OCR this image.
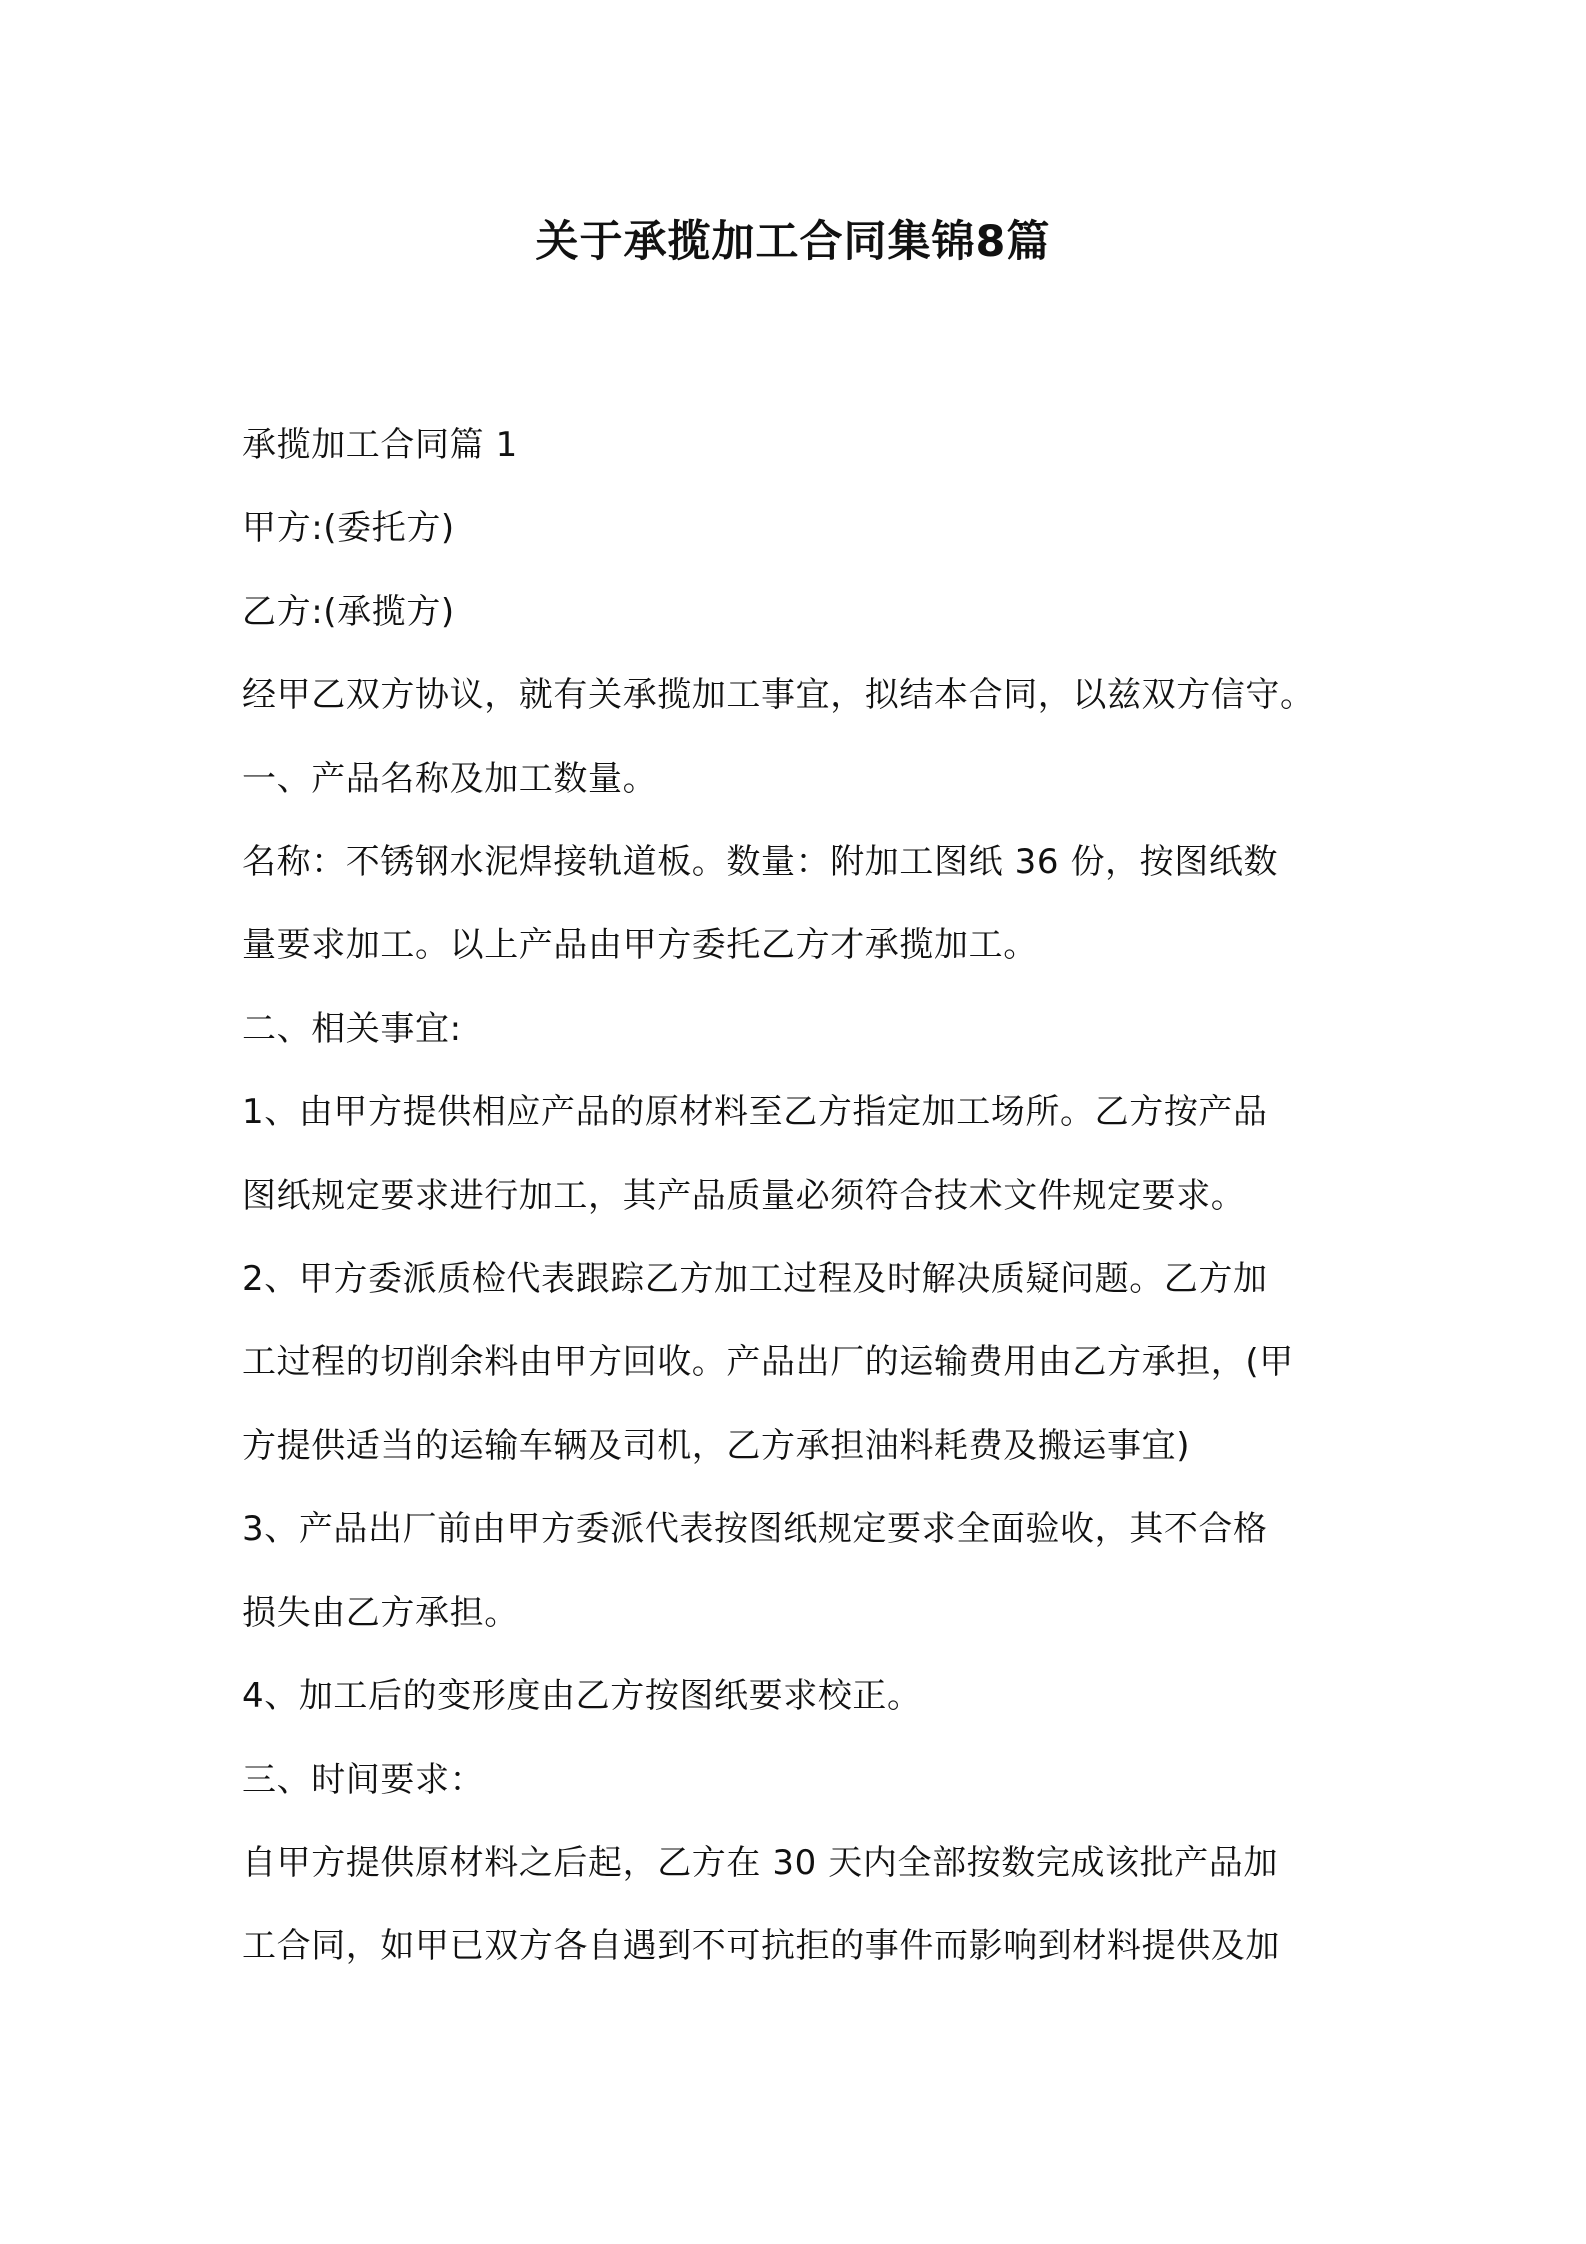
关于承揽加工合同集锦8篇

承揽加工合同篇 1

甲方:(委托方)

乙方:(承揽方)

经甲乙双方协议，就有关承揽加工事宜，拟结本合同，以兹双方信守。

一、产品名称及加工数量。

名称：不锈钢水泥焊接轨道板。数量：附加工图纸 36 份，按图纸数

量要求加工。以上产品由甲方委托乙方才承揽加工。

二、相关事宜:

1、由甲方提供相应产品的原材料至乙方指定加工场所。乙方按产品

图纸规定要求进行加工，其产品质量必须符合技术文件规定要求。

2、甲方委派质检代表跟踪乙方加工过程及时解决质疑问题。乙方加

工过程的切削余料由甲方回收。产品出厂的运输费用由乙方承担，(甲

方提供适当的运输车辆及司机，乙方承担油料耗费及搬运事宜)

3、产品出厂前由甲方委派代表按图纸规定要求全面验收，其不合格

损失由乙方承担。

4、加工后的变形度由乙方按图纸要求校正。

三、时间要求：

自甲方提供原材料之后起，乙方在 30 天内全部按数完成该批产品加

工合同，如甲已双方各自遇到不可抗拒的事件而影响到材料提供及加
